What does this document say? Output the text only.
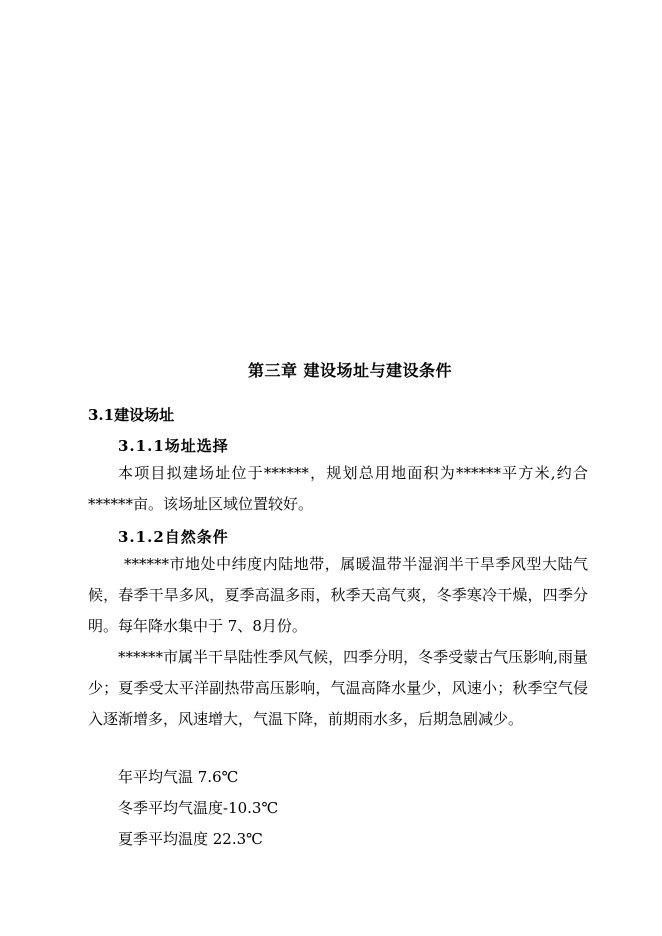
第三章 建设场址与建设条件
3.1建设场址
3.1.1场址选择

本项目拟建场址位于******，规划总用地面积为******平方米,约合******亩。该场址区域位置较好。

3.1.2自然条件

******市地处中纬度内陆地带，属暖温带半湿润半干旱季风型大陆气候，春季干旱多风，夏季高温多雨，秋季天高气爽，冬季寒冷干燥，四季分明。每年降水集中于 7、8月份。

******市属半干旱陆性季风气候，四季分明，冬季受蒙古气压影响,雨量少；夏季受太平洋副热带高压影响，气温高降水量少，风速小；秋季空气侵入逐渐增多，风速增大，气温下降，前期雨水多，后期急剧减少。

年平均气温 7.6℃

冬季平均气温度-10.3℃

夏季平均温度 22.3℃
